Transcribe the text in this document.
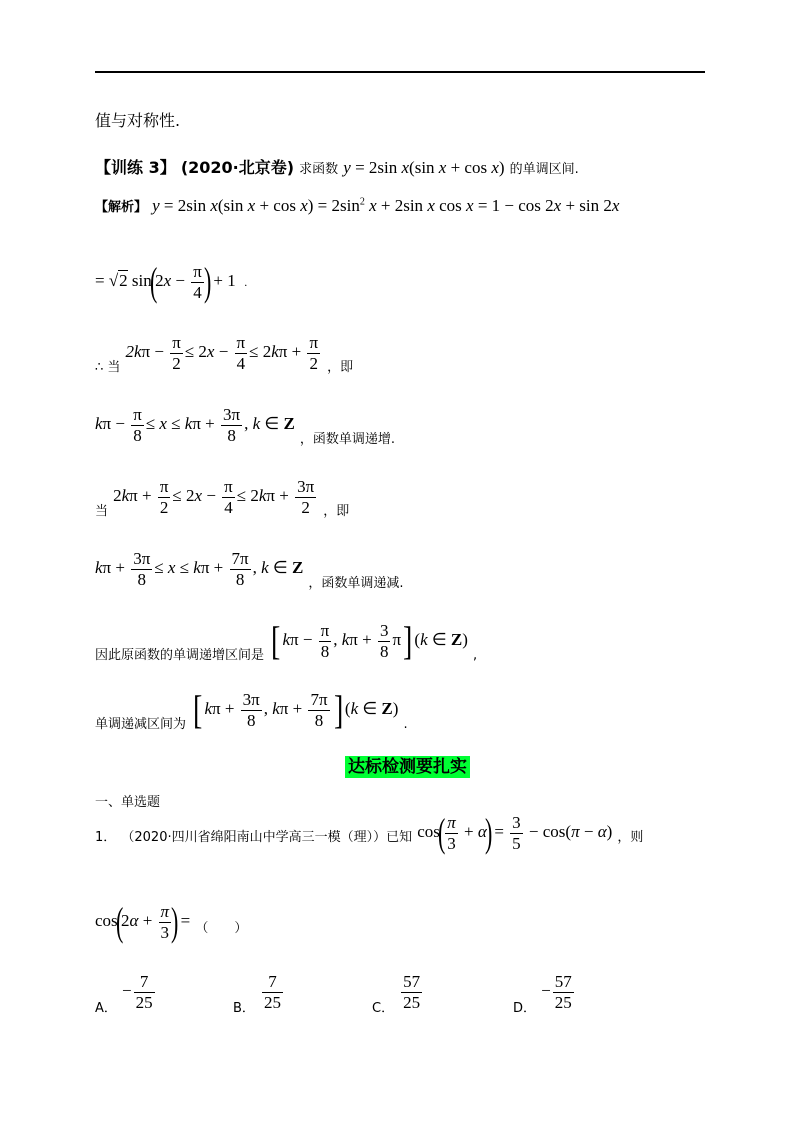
值与对称性.
【训练 3】 (2020·北京卷) 求函数 y = 2sin x(sin x + cos x) 的单调区间.
【解析】 y = 2sin x(sin $x + \cos x) = 2\sin^2$ x + 2sin x cos x = 1 − cos 2x + sin 2x
= √2 $\sin(2x - \frac{\pi}{4}$ ) + 1  .
$_{\therefore 当}$ $2k\pi - \frac{\pi}{2} \le 2x - \frac{\pi}{4} \le 2k\pi + \frac{\pi}{2} _{,即}$
$k\pi - \frac{\pi}{8} \le x \le k\pi + \frac{3\pi}{8}$ , k ∈ Z $_{,函数单调递增.}$
$_当$ $2k\pi + \frac{\pi}{2} \le 2x - \frac{\pi}{4} \le 2k\pi + \frac{3\pi}{2} _{,即}$
$k\pi + \frac{3\pi}{8} \le x \le k\pi + \frac{7\pi}{8}$ , k ∈ Z $_{,函数单调递减.}$
$_{因此原函数的单调递增区间是}$ [ $k\pi - \frac{\pi}{8}$ , $k\pi + \frac{3}{8} \pi$] (k ∈ Z) $_,$
$_{单调递减区间为}$ [ $k\pi + \frac{3\pi}{8}$ , $k\pi + \frac{7\pi}{8}$ ] (k ∈ Z) $_.$
达标检测要扎实
一、单选题
$_{1.}$ $_{(2020\cdot 四川省绵阳南山中学高三一模(理))已知}$ $\cos( \frac{\pi}{3} + \alpha) = \frac{3}{5} - \cos(\pi - \alpha)$ $_{,则}$
$\cos(2\alpha + \frac{\pi}{3}$ ) = $_{( )}$
$_{A.} - \frac{7}{25}$	$_{B.} \frac{7}{25}$	$_{C.} \frac{57}{25}$	$_{D.} - \frac{57}{25}$
